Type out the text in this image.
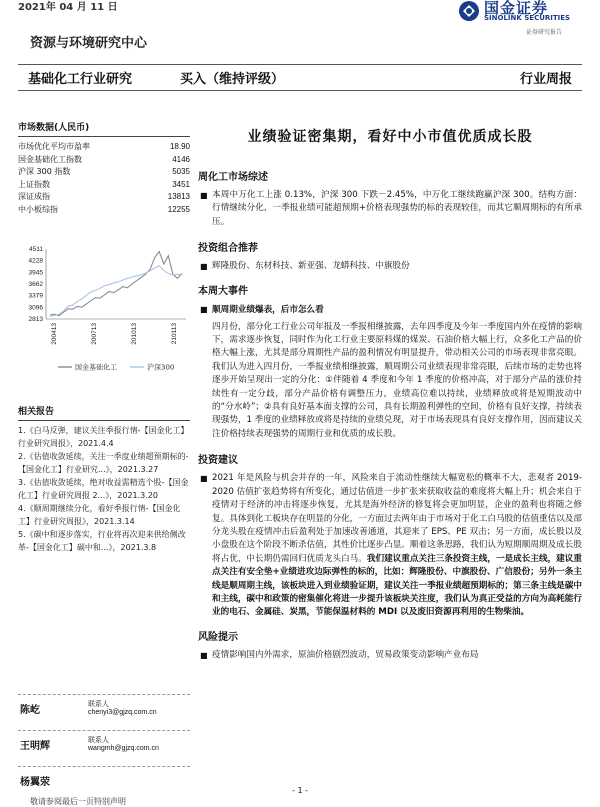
2021年 04 月 11 日	国金证券
SINOLINK SECURITIES
证券研究报告
资源与环境研究中心
基础化工行业研究	买入（维持评级）	行业周报
市场数据(人民币)
市场优化平均市盈率	18.90
国金基础化工指数	4146
沪深 300 指数	5035
上证指数	3451
深证成指	13813
中小板综指	12255
4511
4228
3945
3662
3379
3096
2813
200413	200713	201013	210113
国金基础化工	沪深300
相关报告
1.《白马反弹，建议关注季报行情-【国金化工】行业研究周报》，2021.4.4
2.《估值收敛延续，关注一季度业绩超预期标的-【国金化工】行业研究...》，2021.3.27
3.《估值收敛延续，绝对收益需精选个股-【国金化工】行业研究周报 2...》，2021.3.20
4.《顺周期继续分化，看好季报行情-【国金化工】行业研究周报》，2021.3.14
5.《碳中和逐步落实，行业将再次迎来供给侧改革-【国金化工】碳中和...》，2021.3.8
陈屹
联系人
chenyi3@gjzq.com.cn
王明辉
联系人
wangmh@gjzq.com.cn
杨翼荥
业绩验证密集期，看好中小市值优质成长股
周化工市场综述
■ 本周中万化工上涨 0.13%，沪深 300 下跌－2.45%，中万化工继续跑赢沪深 300。结构方面：行情继续分化，一季报业绩可能超预期+价格表现强势的标的表现较佳，而其它顺周期标的有所承压。
投资组合推荐
■ 辉隆股份、东材科技、新亚强、龙蟒科技、中旗股份
本周大事件
■ 顺周期业绩爆表，后市怎么看
四月份，部分化工行业公司年报及一季报相继披露，去年四季度及今年一季度国内外在疫情的影响下，需求逐步恢复，同时作为化工行业主要原料煤的煤炭、石油价格大幅上行，众多化工产品的价格大幅上涨，尤其是部分周期性产品的盈利情况有明显提升，带动相关公司的市场表现非常亮眼。我们认为进入四月份，一季报业绩相继披露，顺周期公司业绩表现非常亮眼，后续市场的走势也将逐步开始呈现出一定的分化：①伴随着 4 季度和今年 1 季度的价格冲高，对于部分产品的涨价持续性有一定分歧，部分产品价格有调整压力，业绩高位难以持续，业绩释放或将是短期波动中的“分水岭”；②具有良好基本面支撑的公司，具有长期盈利弹性的空间，价格有良好支撑，持续表现强势，1 季度的业绩释放或将是持续的业绩兑现，对于市场表现具有良好支撑作用，因而建议关注价格持续表现强势的周期行业和优质的成长股。
投资建议
■ 2021 年是风险与机会并存的一年，风险来自于流动性继续大幅宽松的概率不大，悲观者 2019-2020 估值扩张趋势将有所变化，通过估值进一步扩张来获取收益的难度将大幅上升；机会来自于疫情对于经济的冲击将逐步恢复，尤其是海外经济的修复将会更加明显，企业的盈利也将随之修复。具体到化工板块存在明显的分化，一方面过去两年由于市场对于化工白马股的估值重估以及部分龙头股在疫情冲击后盈利处于加速改善通道，其迎来了 EPS、PE 双击；另一方面，成长股以及小盘股在这个阶段不断杀估值，其性价比逐步凸显。顺着这条思路，我们认为短期顺周期及成长股将占优，中长期仍需回归优质龙头白马。我们建议重点关注三条投资主线，一是成长主线，建议重点关注有安全垫+业绩进攻边际弹性的标的，比如：辉隆股份、中旗股份、广信股份；另外一条主线是顺周期主线，该板块进入到业绩验证期，建议关注一季报业绩超预期标的；第三条主线是碳中和主线，碳中和政策的密集催化将进一步提升该板块关注度，我们认为真正受益的方向为高耗能行业的电石、金属硅、炭黑，节能保温材料的 MDI 以及废旧资源再利用的生物柴油。
风险提示
■ 疫情影响国内外需求，原油价格剧烈波动，贸易政策变动影响产业布局
- 1 -
敬请参阅最后一页特别声明
